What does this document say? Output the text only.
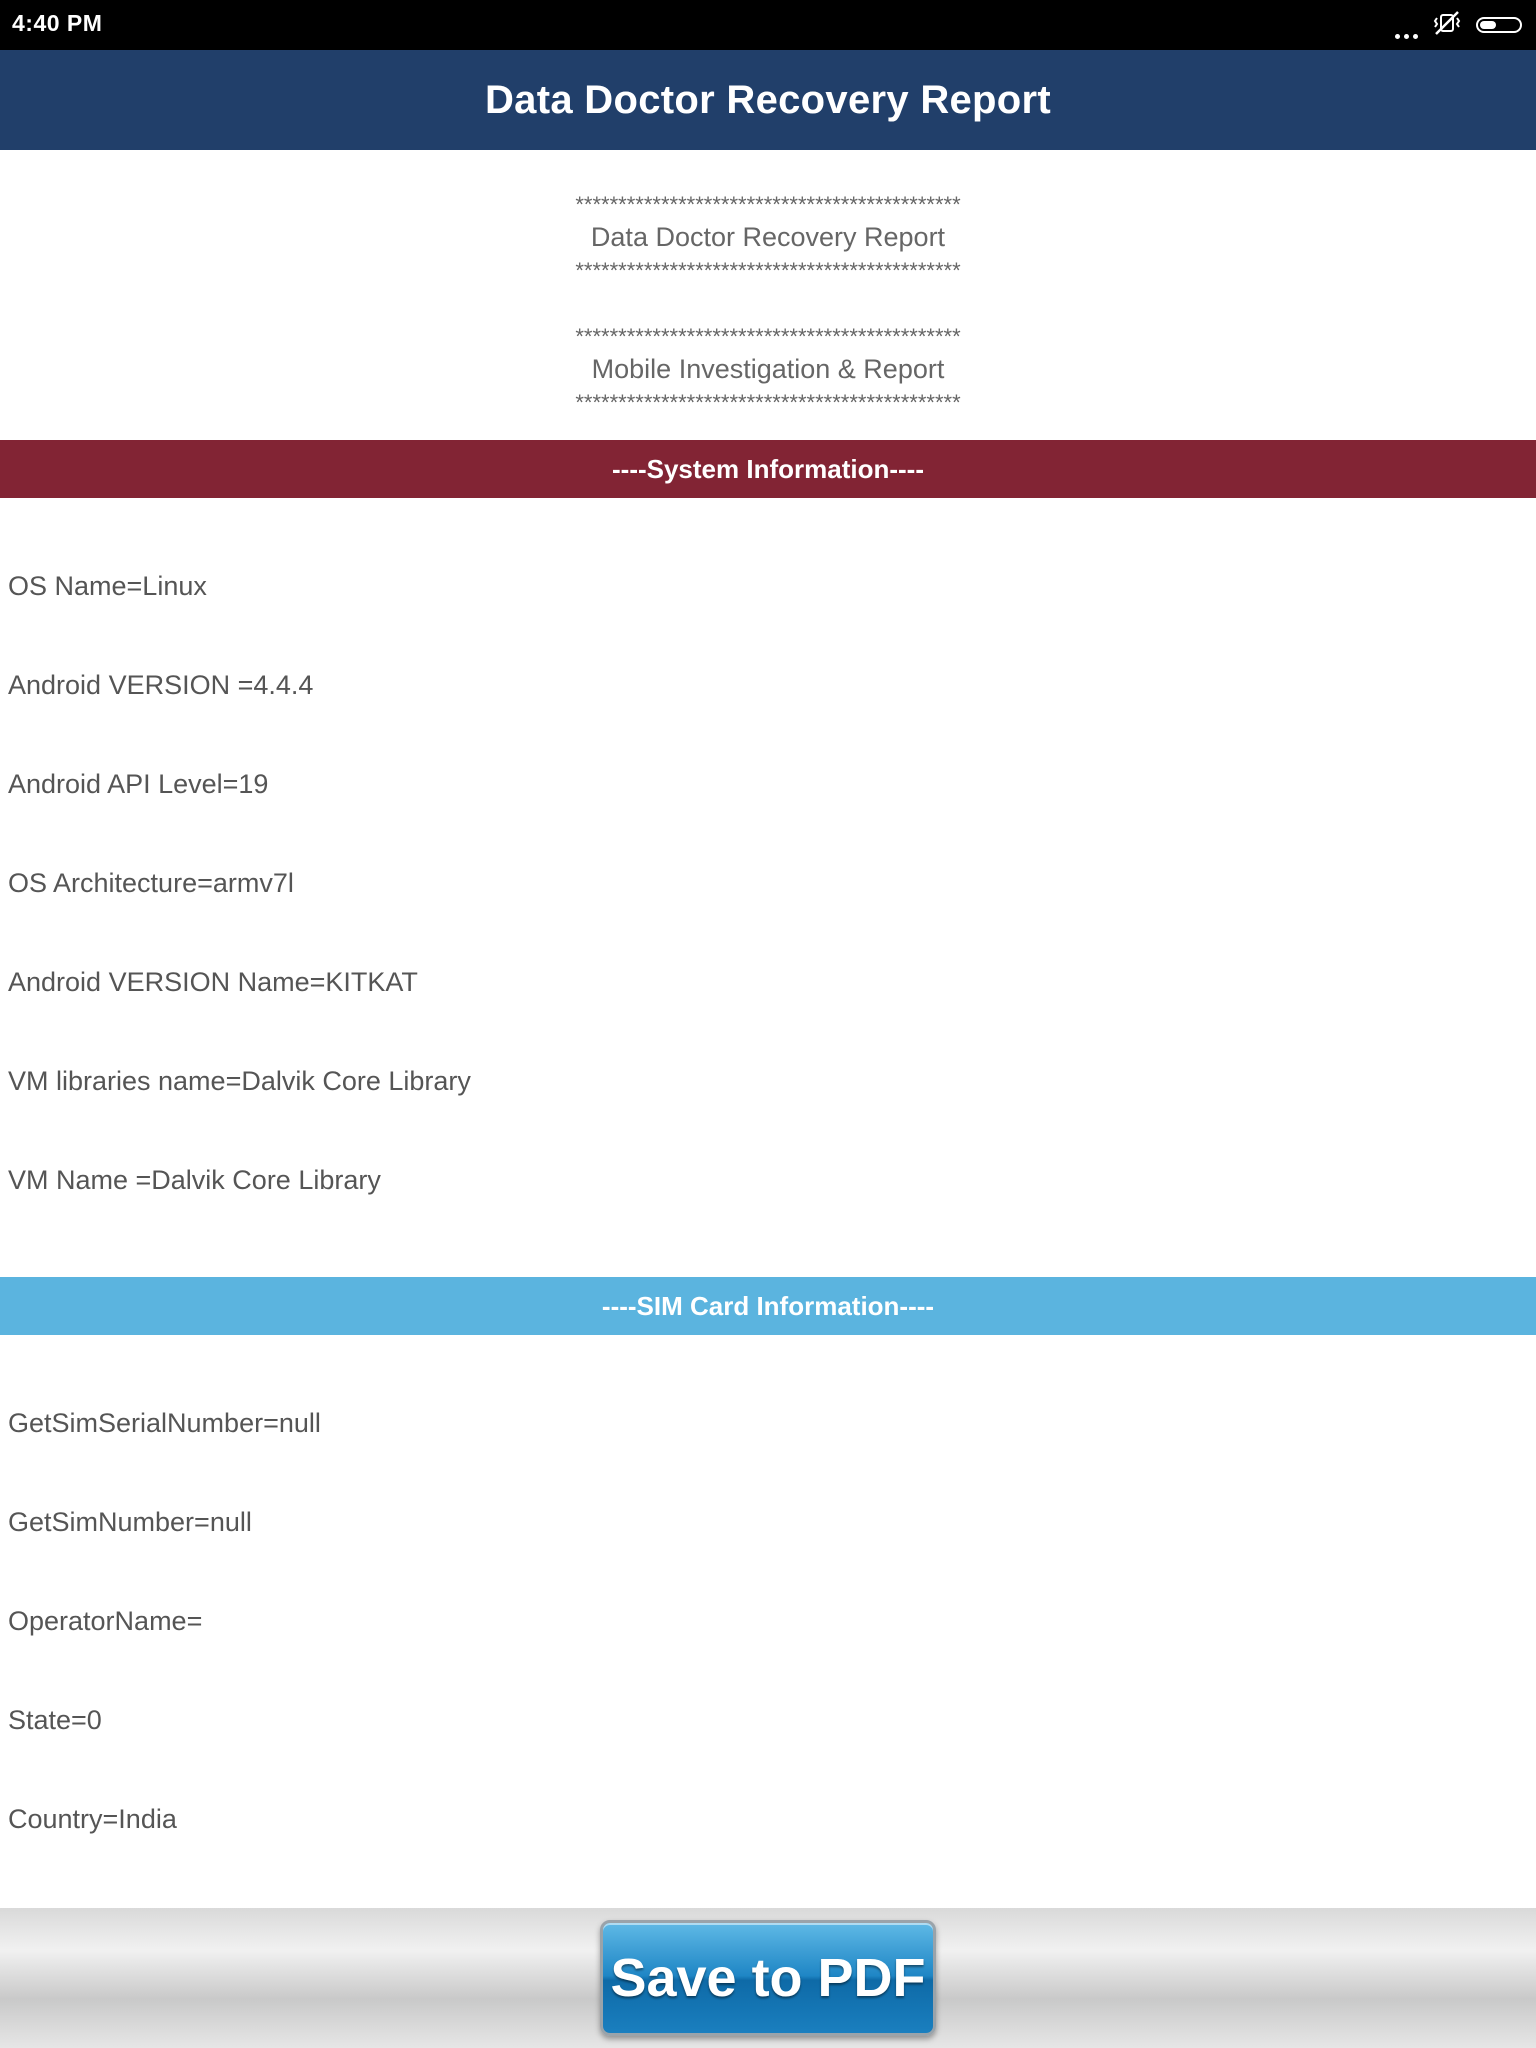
4:40 PM
Data Doctor Recovery Report
*********************************************
Data Doctor Recovery Report
*********************************************
*********************************************
Mobile Investigation & Report
*********************************************
----System Information----

OS Name=Linux

Android VERSION =4.4.4

Android API Level=19

OS Architecture=armv7l

Android VERSION Name=KITKAT

VM libraries name=Dalvik Core Library

VM Name =Dalvik Core Library

----SIM Card Information----

GetSimSerialNumber=null

GetSimNumber=null

OperatorName=

State=0

Country=India

Save to PDF
